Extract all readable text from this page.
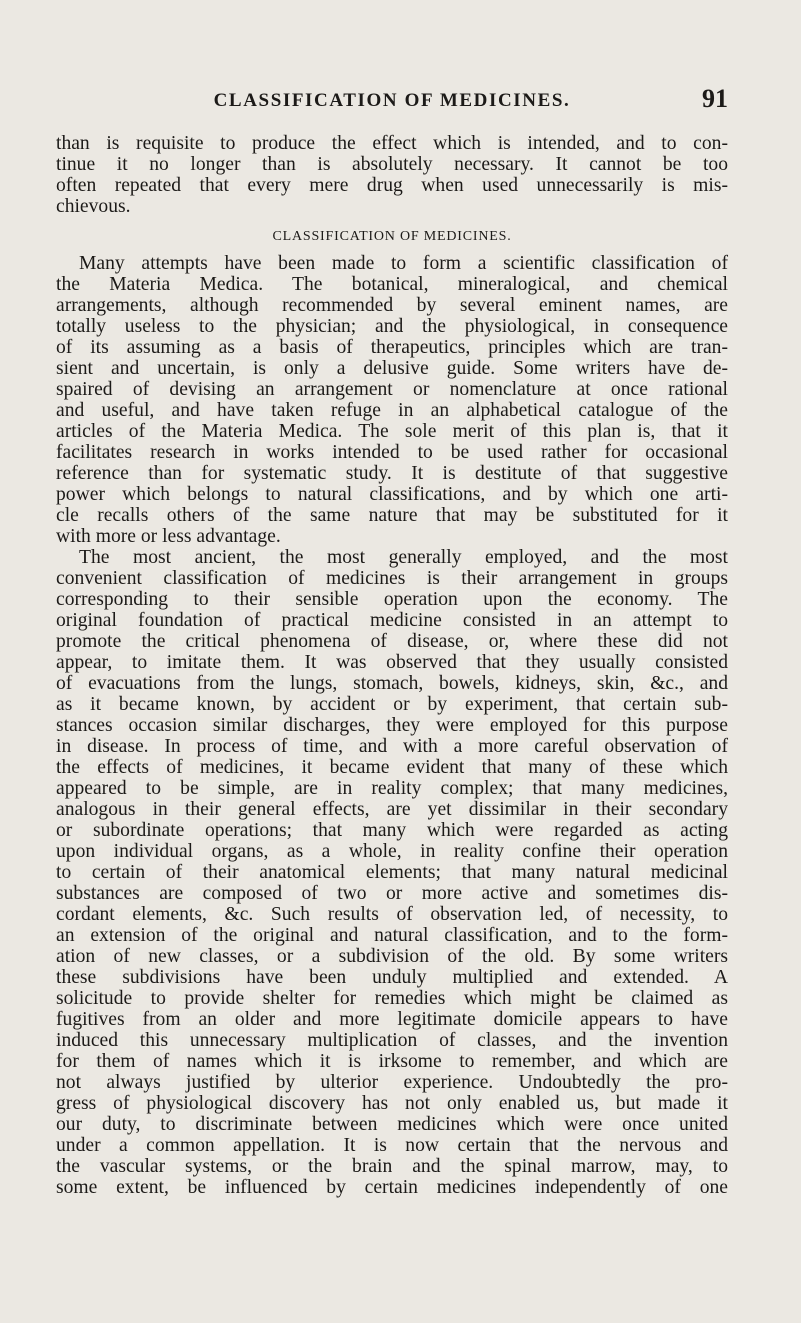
CLASSIFICATION OF MEDICINES.	91
than is requisite to produce the effect which is intended, and to con-
tinue it no longer than is absolutely necessary. It cannot be too
often repeated that every mere drug when used unnecessarily is mis-
chievous.
CLASSIFICATION OF MEDICINES.
Many attempts have been made to form a scientific classification of
the Materia Medica. The botanical, mineralogical, and chemical
arrangements, although recommended by several eminent names, are
totally useless to the physician; and the physiological, in consequence
of its assuming as a basis of therapeutics, principles which are tran-
sient and uncertain, is only a delusive guide. Some writers have de-
spaired of devising an arrangement or nomenclature at once rational
and useful, and have taken refuge in an alphabetical catalogue of the
articles of the Materia Medica. The sole merit of this plan is, that it
facilitates research in works intended to be used rather for occasional
reference than for systematic study. It is destitute of that suggestive
power which belongs to natural classifications, and by which one arti-
cle recalls others of the same nature that may be substituted for it
with more or less advantage.
The most ancient, the most generally employed, and the most
convenient classification of medicines is their arrangement in groups
corresponding to their sensible operation upon the economy. The
original foundation of practical medicine consisted in an attempt to
promote the critical phenomena of disease, or, where these did not
appear, to imitate them. It was observed that they usually consisted
of evacuations from the lungs, stomach, bowels, kidneys, skin, &c., and
as it became known, by accident or by experiment, that certain sub-
stances occasion similar discharges, they were employed for this purpose
in disease. In process of time, and with a more careful observation of
the effects of medicines, it became evident that many of these which
appeared to be simple, are in reality complex; that many medicines,
analogous in their general effects, are yet dissimilar in their secondary
or subordinate operations; that many which were regarded as acting
upon individual organs, as a whole, in reality confine their operation
to certain of their anatomical elements; that many natural medicinal
substances are composed of two or more active and sometimes dis-
cordant elements, &c. Such results of observation led, of necessity, to
an extension of the original and natural classification, and to the form-
ation of new classes, or a subdivision of the old. By some writers
these subdivisions have been unduly multiplied and extended. A
solicitude to provide shelter for remedies which might be claimed as
fugitives from an older and more legitimate domicile appears to have
induced this unnecessary multiplication of classes, and the invention
for them of names which it is irksome to remember, and which are
not always justified by ulterior experience. Undoubtedly the pro-
gress of physiological discovery has not only enabled us, but made it
our duty, to discriminate between medicines which were once united
under a common appellation. It is now certain that the nervous and
the vascular systems, or the brain and the spinal marrow, may, to
some extent, be influenced by certain medicines independently of one
